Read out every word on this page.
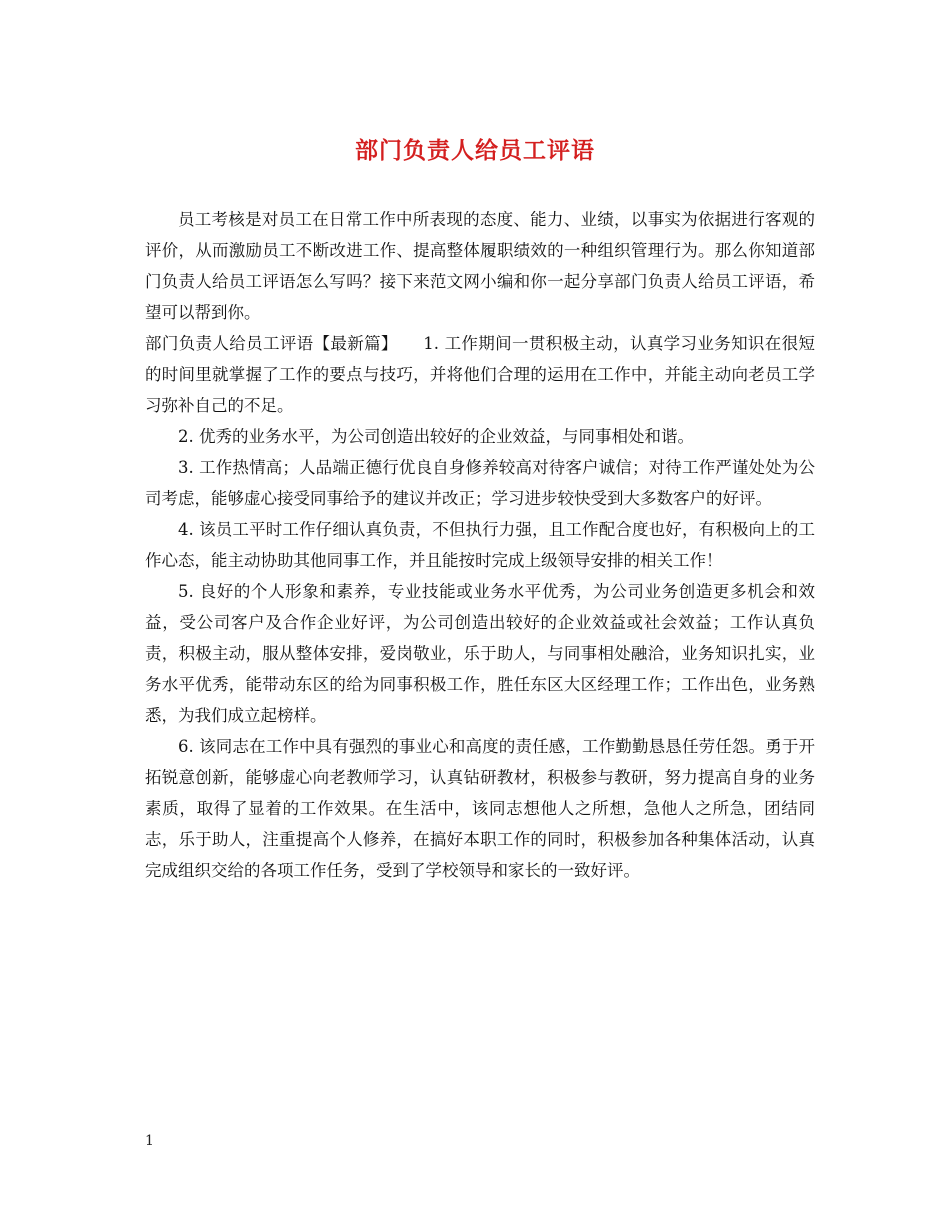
部门负责人给员工评语

员工考核是对员工在日常工作中所表现的态度、能力、业绩，以事实为依据进行客观的评价，从而激励员工不断改进工作、提高整体履职绩效的一种组织管理行为。那么你知道部门负责人给员工评语怎么写吗？接下来范文网小编和你一起分享部门负责人给员工评语，希望可以帮到你。

部门负责人给员工评语【最新篇】　　1. 工作期间一贯积极主动，认真学习业务知识在很短的时间里就掌握了工作的要点与技巧，并将他们合理的运用在工作中，并能主动向老员工学习弥补自己的不足。

2. 优秀的业务水平，为公司创造出较好的企业效益，与同事相处和谐。

3. 工作热情高；人品端正德行优良自身修养较高对待客户诚信；对待工作严谨处处为公司考虑，能够虚心接受同事给予的建议并改正；学习进步较快受到大多数客户的好评。

4. 该员工平时工作仔细认真负责，不但执行力强，且工作配合度也好，有积极向上的工作心态，能主动协助其他同事工作，并且能按时完成上级领导安排的相关工作！

5. 良好的个人形象和素养，专业技能或业务水平优秀，为公司业务创造更多机会和效益，受公司客户及合作企业好评，为公司创造出较好的企业效益或社会效益；工作认真负责，积极主动，服从整体安排，爱岗敬业，乐于助人，与同事相处融洽，业务知识扎实，业务水平优秀，能带动东区的给为同事积极工作，胜任东区大区经理工作；工作出色，业务熟悉，为我们成立起榜样。

6. 该同志在工作中具有强烈的事业心和高度的责任感，工作勤勤恳恳任劳任怨。勇于开拓锐意创新，能够虚心向老教师学习，认真钻研教材，积极参与教研，努力提高自身的业务素质，取得了显着的工作效果。在生活中，该同志想他人之所想，急他人之所急，团结同志，乐于助人，注重提高个人修养，在搞好本职工作的同时，积极参加各种集体活动，认真完成组织交给的各项工作任务，受到了学校领导和家长的一致好评。

1
